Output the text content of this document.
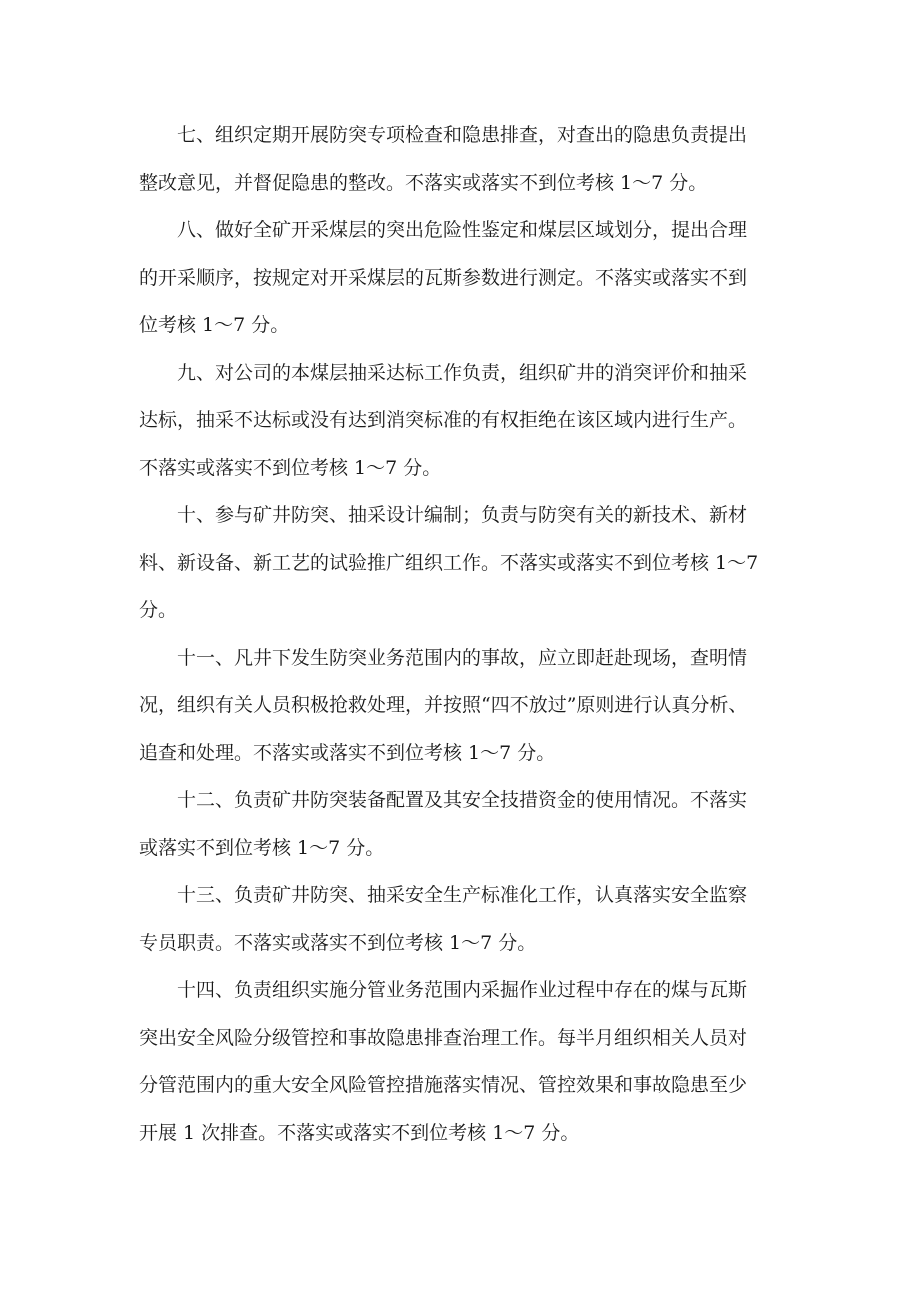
七、组织定期开展防突专项检查和隐患排查，对查出的隐患负责提出
整改意见，并督促隐患的整改。不落实或落实不到位考核 1～7 分。
八、做好全矿开采煤层的突出危险性鉴定和煤层区域划分，提出合理
的开采顺序，按规定对开采煤层的瓦斯参数进行测定。不落实或落实不到
位考核 1～7 分。
九、对公司的本煤层抽采达标工作负责，组织矿井的消突评价和抽采
达标，抽采不达标或没有达到消突标准的有权拒绝在该区域内进行生产。
不落实或落实不到位考核 1～7 分。
十、参与矿井防突、抽采设计编制；负责与防突有关的新技术、新材
料、新设备、新工艺的试验推广组织工作。不落实或落实不到位考核 1～7
分。
十一、凡井下发生防突业务范围内的事故，应立即赶赴现场，查明情
况，组织有关人员积极抢救处理，并按照“四不放过”原则进行认真分析、
追查和处理。不落实或落实不到位考核 1～7 分。
十二、负责矿井防突装备配置及其安全技措资金的使用情况。不落实
或落实不到位考核 1～7 分。
十三、负责矿井防突、抽采安全生产标准化工作，认真落实安全监察
专员职责。不落实或落实不到位考核 1～7 分。
十四、负责组织实施分管业务范围内采掘作业过程中存在的煤与瓦斯
突出安全风险分级管控和事故隐患排查治理工作。每半月组织相关人员对
分管范围内的重大安全风险管控措施落实情况、管控效果和事故隐患至少
开展 1 次排查。不落实或落实不到位考核 1～7 分。
